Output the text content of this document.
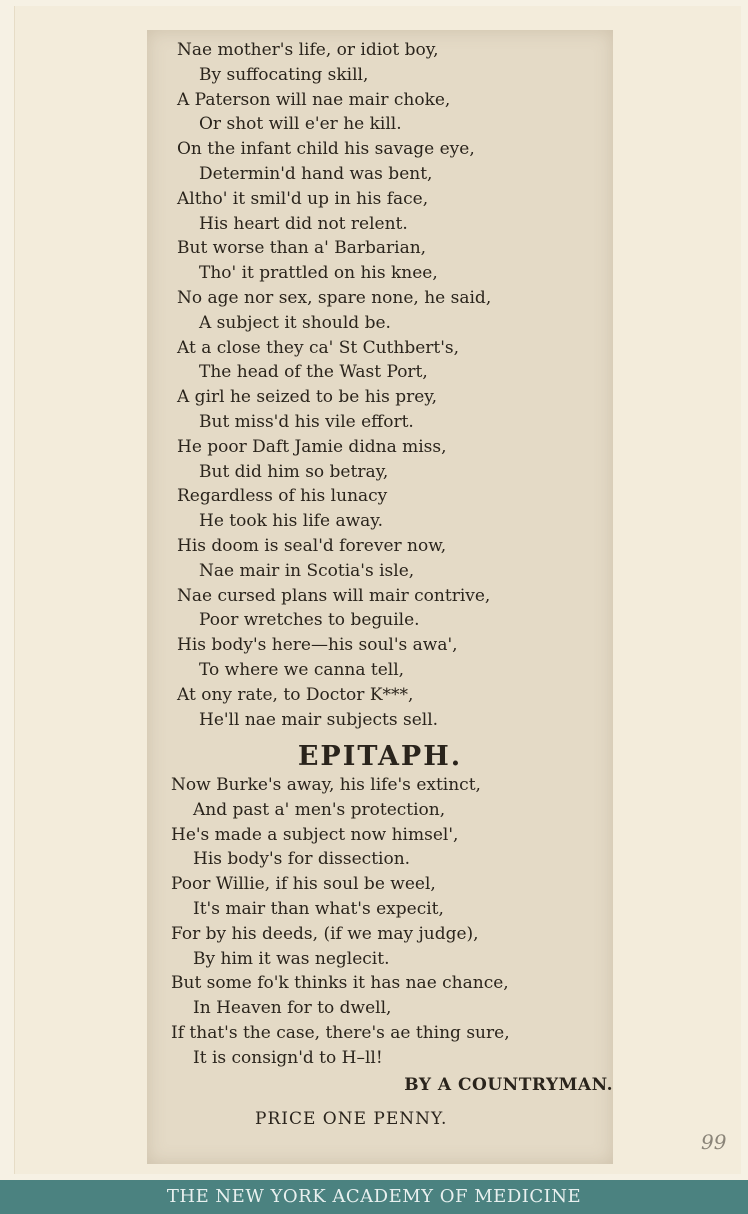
Nae mother's life, or idiot boy,
By suffocating skill,
A Paterson will nae mair choke,
Or shot will e'er he kill.
On the infant child his savage eye,
Determin'd hand was bent,
Altho' it smil'd up in his face,
His heart did not relent.
But worse than a' Barbarian,
Tho' it prattled on his knee,
No age nor sex, spare none, he said,
A subject it should be.
At a close they ca' St Cuthbert's,
The head of the Wast Port,
A girl he seized to be his prey,
But miss'd his vile effort.
He poor Daft Jamie didna miss,
But did him so betray,
Regardless of his lunacy
He took his life away.
His doom is seal'd forever now,
Nae mair in Scotia's isle,
Nae cursed plans will mair contrive,
Poor wretches to beguile.
His body's here—his soul's awa',
To where we canna tell,
At ony rate, to Doctor K***,
He'll nae mair subjects sell.
EPITAPH.
Now Burke's away, his life's extinct,
And past a' men's protection,
He's made a subject now himsel',
His body's for dissection.
Poor Willie, if his soul be weel,
It's mair than what's expecit,
For by his deeds, (if we may judge),
By him it was neglecit.
But some fo'k thinks it has nae chance,
In Heaven for to dwell,
If that's the case, there's ae thing sure,
It is consign'd to H–ll!
BY A COUNTRYMAN.
PRICE ONE PENNY.
99
THE NEW YORK ACADEMY OF MEDICINE
